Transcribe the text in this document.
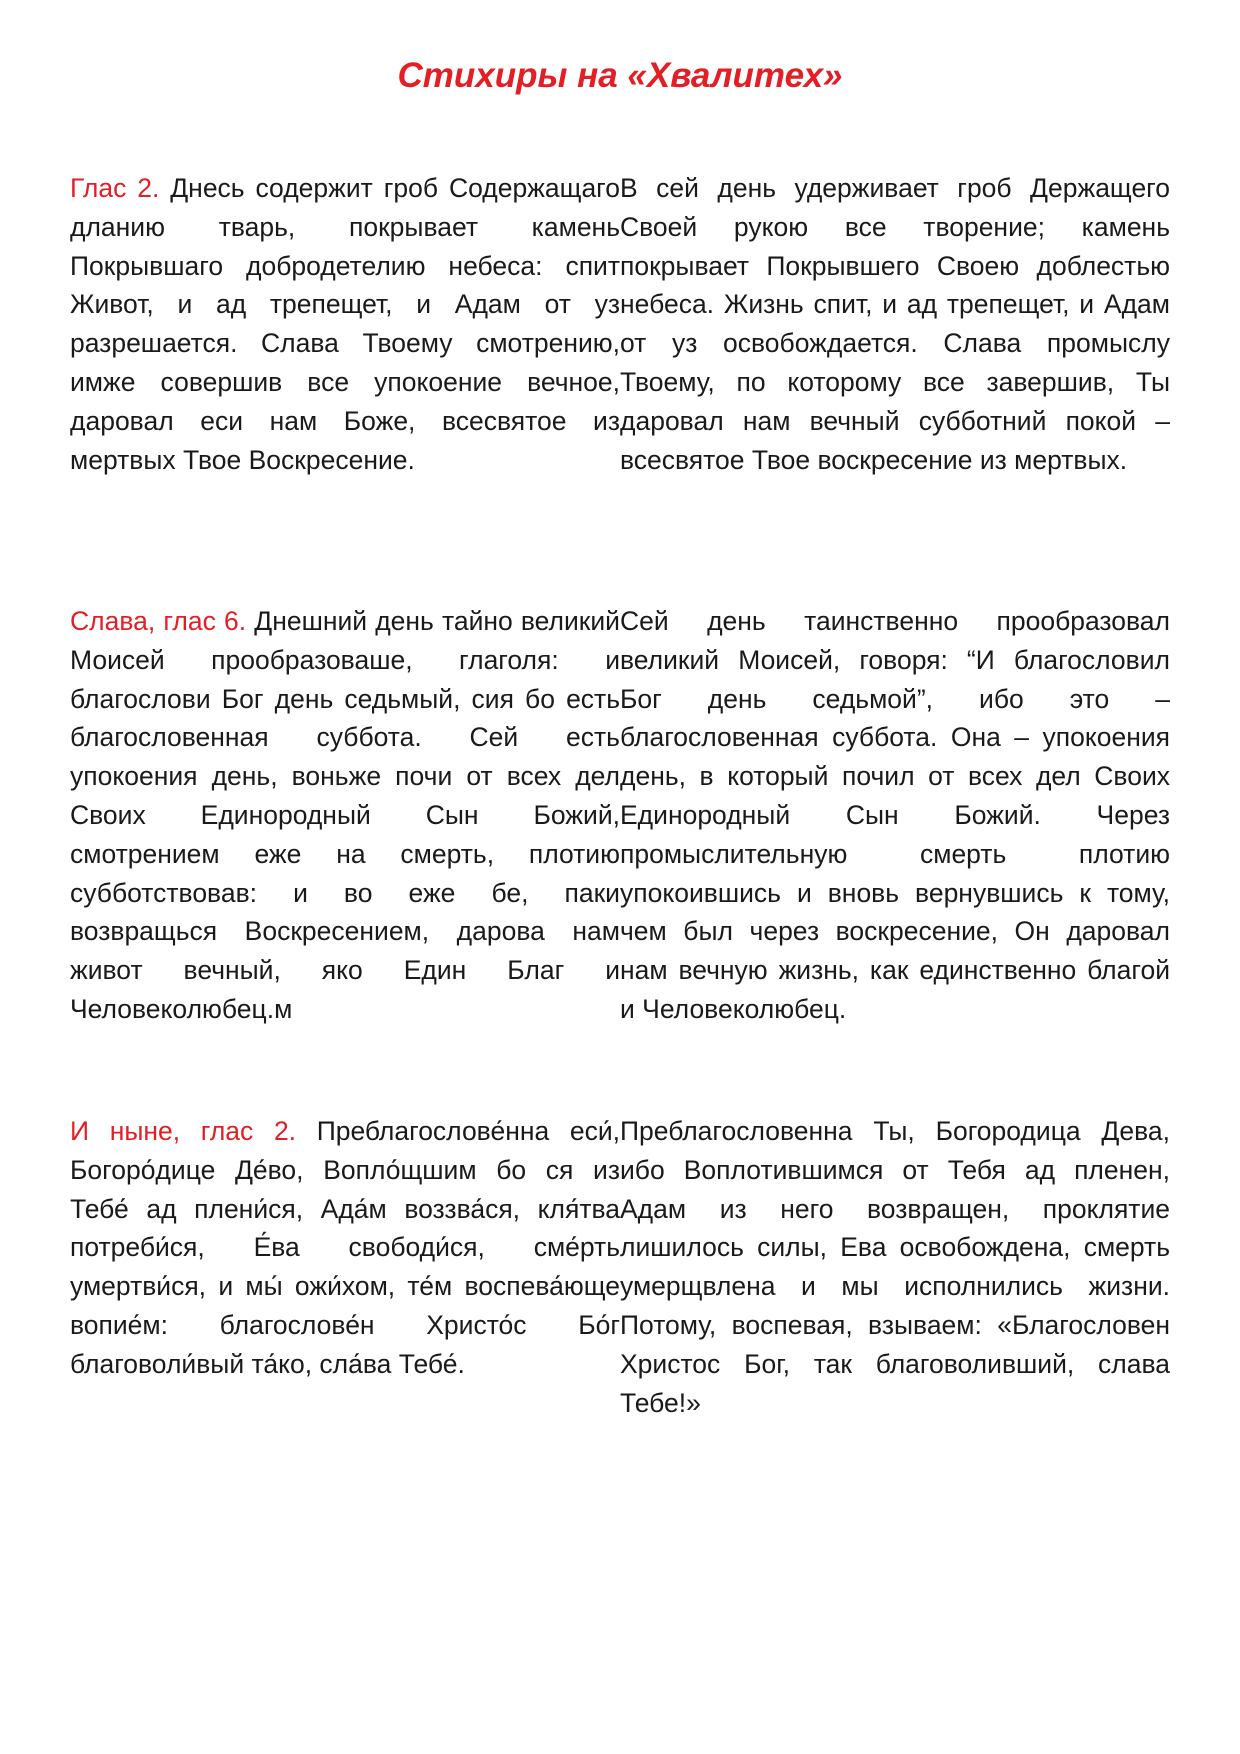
Стихиры на «Хвалитех»

Глас 2. Днесь содержит гроб Содержащаго дланию тварь, покрывает камень Покрывшаго добродетелию небеса: спит Живот, и ад трепещет, и Адам от уз разрешается. Слава Твоему смотрению, имже совершив все упокоение вечное, даровал еси нам Боже, всесвятое из мертвых Твое Воскресение.

В сей день удерживает гроб Держащего Своей рукою все творение; камень покрывает Покрывшего Своею доблестью небеса. Жизнь спит, и ад трепещет, и Адам от уз освобождается. Слава промыслу Твоему, по которому все завершив, Ты даровал нам вечный субботний покой – всесвятое Твое воскресение из мертвых.

Слава, глас 6. Днешний день тайно великий Моисей прообразоваше, глаголя: и благослови Бог день седьмый, сия бо есть благословенная суббота. Сей есть упокоения день, воньже почи от всех дел Своих Единородный Сын Божий, смотрением еже на смерть, плотию субботствовав: и во еже бе, паки возвращься Воскресением, дарова нам живот вечный, яко Един Благ и Человеколюбец.м

Сей день таинственно прообразовал великий Моисей, говоря: “И благословил Бог день седьмой”, ибо это – благословенная суббота. Она – упокоения день, в который почил от всех дел Своих Единородный Сын Божий. Через промыслительную смерть плотию упокоившись и вновь вернувшись к тому, чем был через воскресение, Он даровал нам вечную жизнь, как единственно благой и Человеколюбец.

И ныне, глас 2. Преблагослове́нна еси́, Богоро́дице Де́во, Вопло́щшим бо ся из Тебе́ ад плени́ся, Ада́м воззва́ся, кля́тва потреби́ся, Е́ва свободи́ся, сме́рть умертви́ся, и мы́ ожи́хом, те́м воспева́юще вопие́м: благослове́н Христо́с Бо́г благоволи́вый та́ко, сла́ва Тебе́.

Преблагословенна Ты, Богородица Дева, ибо Воплотившимся от Тебя ад пленен, Адам из него возвращен, проклятие лишилось силы, Ева освобождена, смерть умерщвлена и мы исполнились жизни. Потому, воспевая, взываем: «Благословен Христос Бог, так благоволивший, слава Тебе!»
